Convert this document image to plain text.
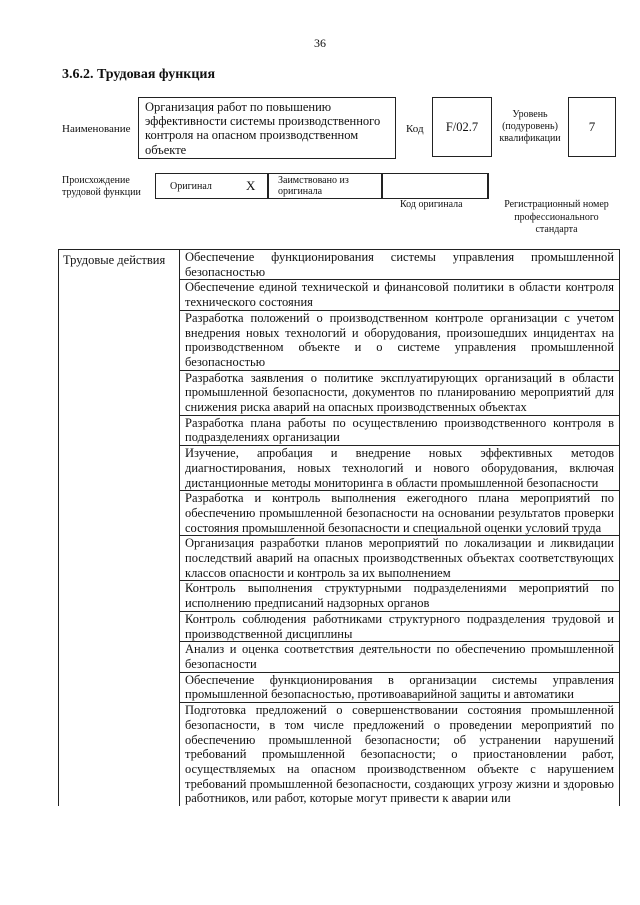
36
3.6.2. Трудовая функция
Наименование
Организация работ по повышению эффективности системы производственного контроля на опасном производственном объекте
Код F/02.7
Уровень (подуровень) квалификации
7
Происхождение трудовой функции
Оригинал	X Заимствовано из оригинала
Код оригинала	Регистрационный номер профессионального стандарта
Трудовые действия	Обеспечение функционирования системы управления промышленной безопасностью
Обеспечение единой технической и финансовой политики в области контроля технического состояния
Разработка положений о производственном контроле организации с учетом внедрения новых технологий и оборудования, произошедших инцидентах на производственном объекте и о системе управления промышленной безопасностью
Разработка заявления о политике эксплуатирующих организаций в области промышленной безопасности, документов по планированию мероприятий для снижения риска аварий на опасных производственных объектах
Разработка плана работы по осуществлению производственного контроля в подразделениях организации
Изучение, апробация и внедрение новых эффективных методов диагностирования, новых технологий и нового оборудования, включая дистанционные методы мониторинга в области промышленной безопасности
Разработка и контроль выполнения ежегодного плана мероприятий по обеспечению промышленной безопасности на основании результатов проверки состояния промышленной безопасности и специальной оценки условий труда
Организация разработки планов мероприятий по локализации и ликвидации последствий аварий на опасных производственных объектах соответствующих классов опасности и контроль за их выполнением
Контроль выполнения структурными подразделениями мероприятий по исполнению предписаний надзорных органов
Контроль соблюдения работниками структурного подразделения трудовой и производственной дисциплины
Анализ и оценка соответствия деятельности по обеспечению промышленной безопасности
Обеспечение функционирования в организации системы управления промышленной безопасностью, противоаварийной защиты и автоматики
Подготовка предложений о совершенствовании состояния промышленной безопасности, в том числе предложений о проведении мероприятий по обеспечению промышленной безопасности; об устранении нарушений требований промышленной безопасности; о приостановлении работ, осуществляемых на опасном производственном объекте с нарушением требований промышленной безопасности, создающих угрозу жизни и здоровью работников, или работ, которые могут привести к аварии или
